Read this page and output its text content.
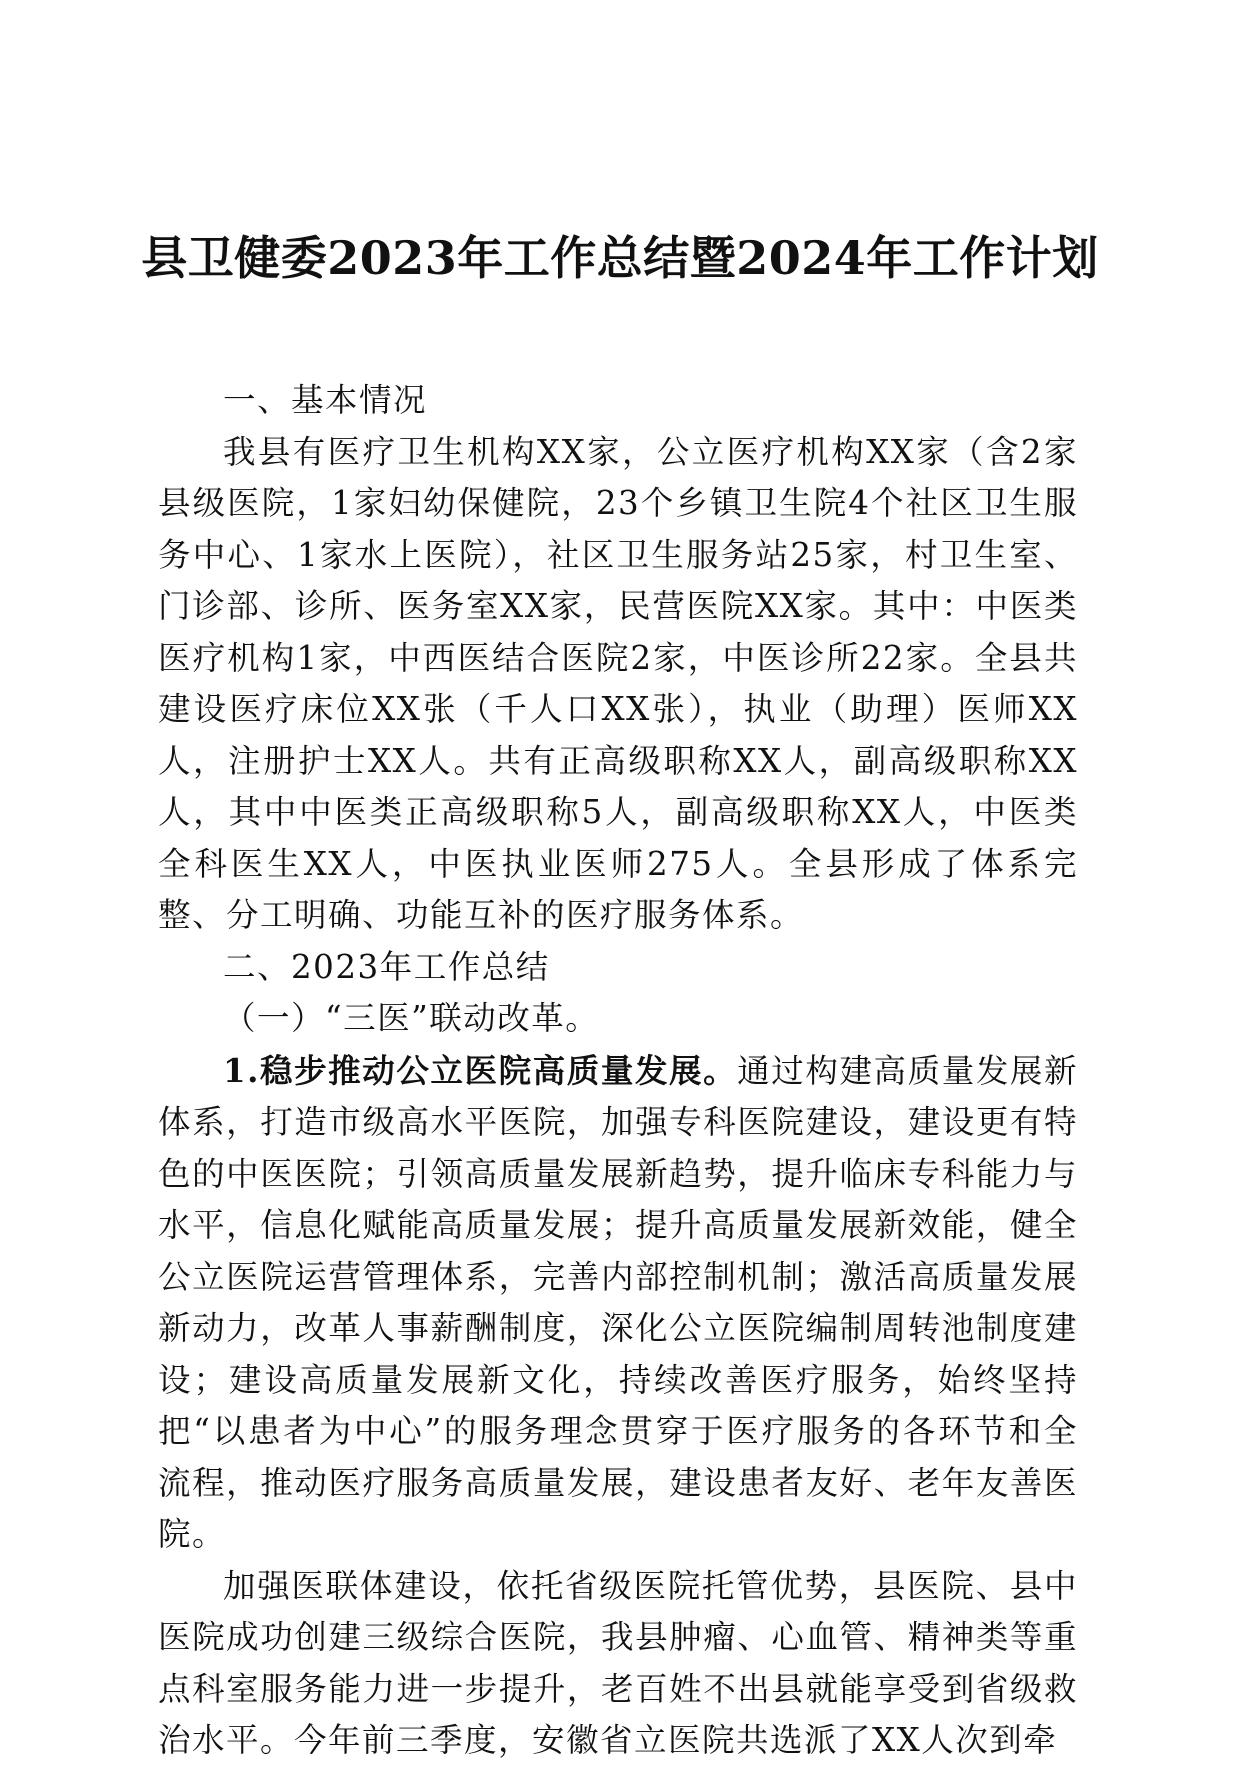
县卫健委2023年工作总结暨2024年工作计划

一、基本情况

我县有医疗卫生机构XX家，公立医疗机构XX家（含2家县级医院，1家妇幼保健院，23个乡镇卫生院4个社区卫生服务中心、1家水上医院），社区卫生服务站25家，村卫生室、门诊部、诊所、医务室XX家，民营医院XX家。其中：中医类医疗机构1家，中西医结合医院2家，中医诊所22家。全县共建设医疗床位XX张（千人口XX张），执业（助理）医师XX人，注册护士XX人。共有正高级职称XX人，副高级职称XX人，其中中医类正高级职称5人，副高级职称XX人，中医类全科医生XX人，中医执业医师275人。全县形成了体系完整、分工明确、功能互补的医疗服务体系。

二、2023年工作总结

（一）“三医”联动改革。

1.稳步推动公立医院高质量发展。通过构建高质量发展新体系，打造市级高水平医院，加强专科医院建设，建设更有特色的中医医院；引领高质量发展新趋势，提升临床专科能力与水平，信息化赋能高质量发展；提升高质量发展新效能，健全公立医院运营管理体系，完善内部控制机制；激活高质量发展新动力，改革人事薪酬制度，深化公立医院编制周转池制度建设；建设高质量发展新文化，持续改善医疗服务，始终坚持把“以患者为中心”的服务理念贯穿于医疗服务的各环节和全流程，推动医疗服务高质量发展，建设患者友好、老年友善医院。

加强医联体建设，依托省级医院托管优势，县医院、县中医院成功创建三级综合医院，我县肿瘤、心血管、精神类等重点科室服务能力进一步提升，老百姓不出县就能享受到省级救治水平。今年前三季度，安徽省立医院共选派了XX人次到牵
